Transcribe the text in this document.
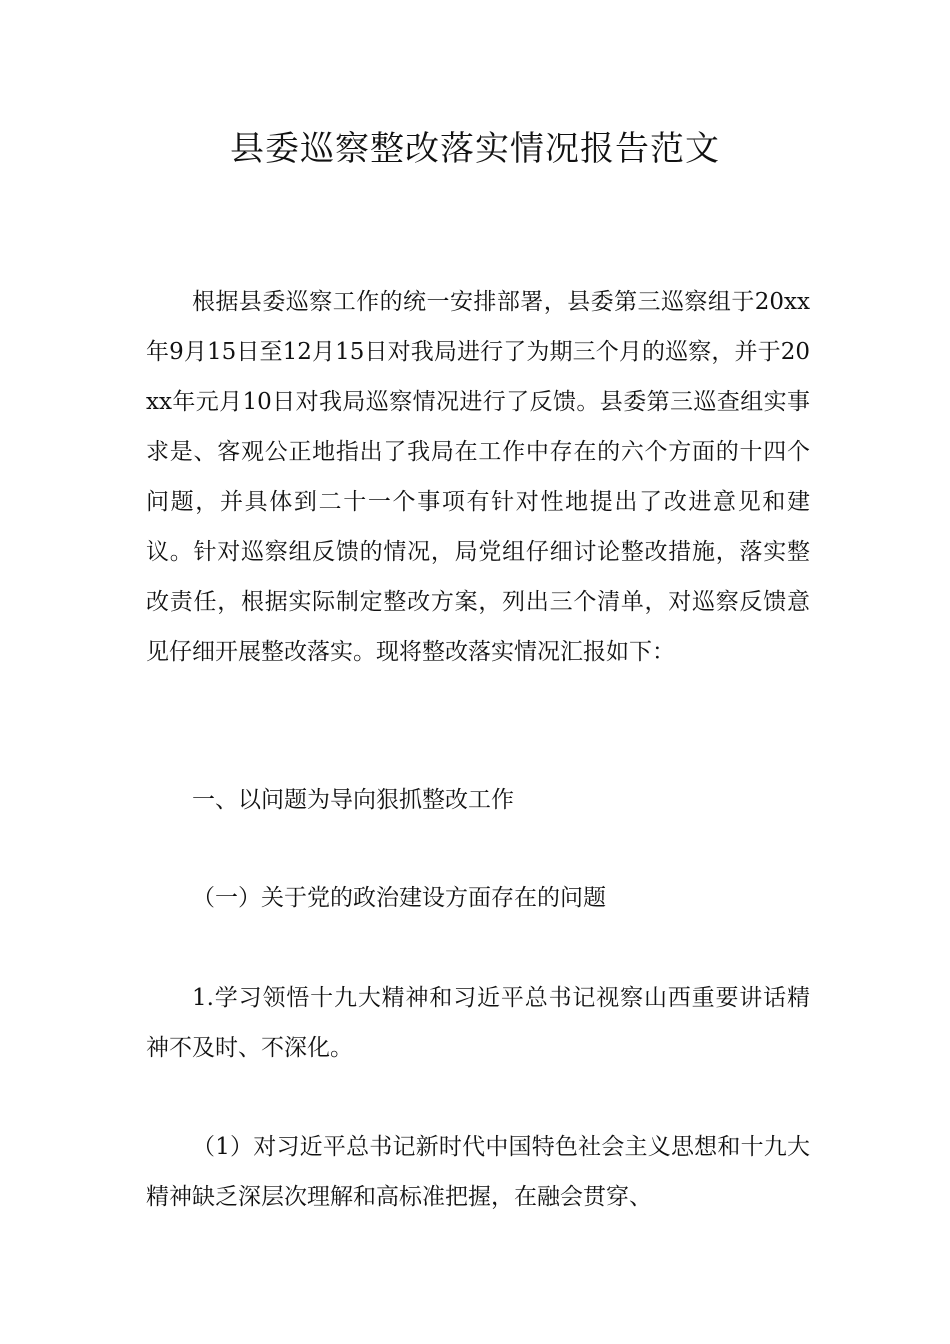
县委巡察整改落实情况报告范文

根据县委巡察工作的统一安排部署，县委第三巡察组于20xx年9月15日至12月15日对我局进行了为期三个月的巡察，并于20xx年元月10日对我局巡察情况进行了反馈。县委第三巡查组实事求是、客观公正地指出了我局在工作中存在的六个方面的十四个问题，并具体到二十一个事项有针对性地提出了改进意见和建议。针对巡察组反馈的情况，局党组仔细讨论整改措施，落实整改责任，根据实际制定整改方案，列出三个清单，对巡察反馈意见仔细开展整改落实。现将整改落实情况汇报如下：

一、以问题为导向狠抓整改工作

（一）关于党的政治建设方面存在的问题

1.学习领悟十九大精神和习近平总书记视察山西重要讲话精神不及时、不深化。

（1）对习近平总书记新时代中国特色社会主义思想和十九大精神缺乏深层次理解和高标准把握，在融会贯穿、
